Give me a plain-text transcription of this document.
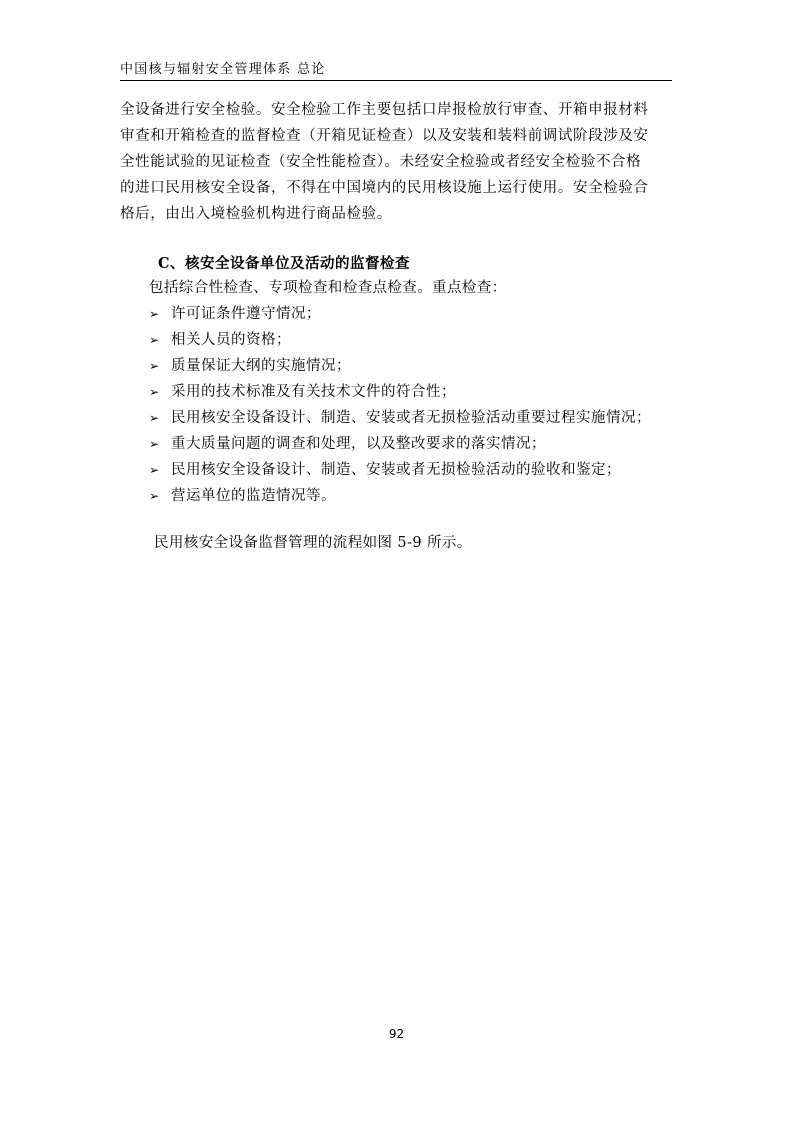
中国核与辐射安全管理体系 总论
全设备进行安全检验。安全检验工作主要包括口岸报检放行审查、开箱申报材料
审查和开箱检查的监督检查（开箱见证检查）以及安装和装料前调试阶段涉及安
全性能试验的见证检查（安全性能检查）。未经安全检验或者经安全检验不合格
的进口民用核安全设备，不得在中国境内的民用核设施上运行使用。安全检验合
格后，由出入境检验机构进行商品检验。
C、核安全设备单位及活动的监督检查
包括综合性检查、专项检查和检查点检查。重点检查：
➢ 许可证条件遵守情况；
➢ 相关人员的资格；
➢ 质量保证大纲的实施情况；
➢ 采用的技术标准及有关技术文件的符合性；
➢ 民用核安全设备设计、制造、安装或者无损检验活动重要过程实施情况；
➢ 重大质量问题的调查和处理，以及整改要求的落实情况；
➢ 民用核安全设备设计、制造、安装或者无损检验活动的验收和鉴定；
➢ 营运单位的监造情况等。
民用核安全设备监督管理的流程如图 5-9 所示。
92
